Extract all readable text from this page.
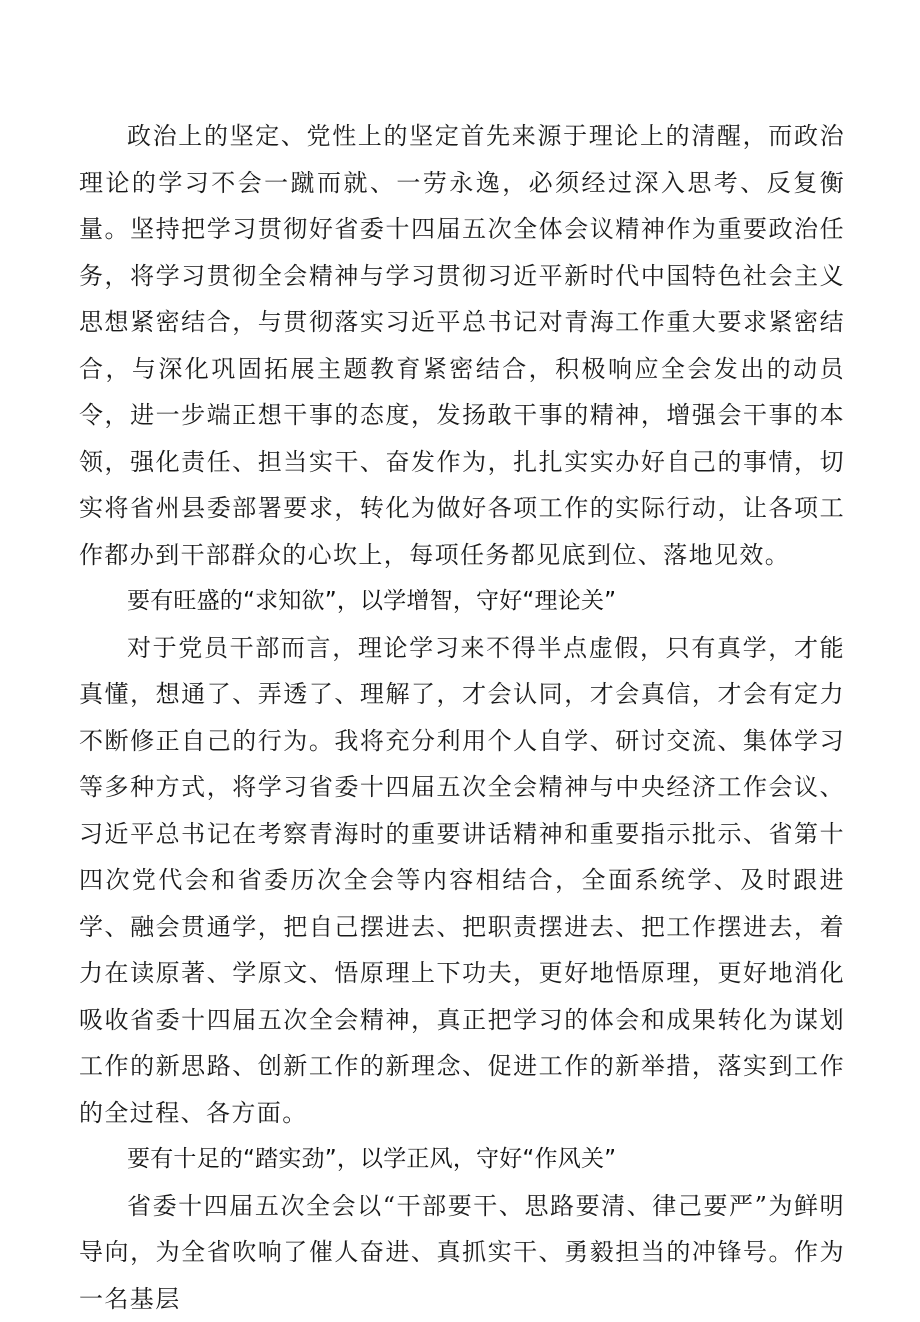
政治上的坚定、党性上的坚定首先来源于理论上的清醒，而政治理论的学习不会一蹴而就、一劳永逸，必须经过深入思考、反复衡量。坚持把学习贯彻好省委十四届五次全体会议精神作为重要政治任务，将学习贯彻全会精神与学习贯彻习近平新时代中国特色社会主义思想紧密结合，与贯彻落实习近平总书记对青海工作重大要求紧密结合，与深化巩固拓展主题教育紧密结合，积极响应全会发出的动员令，进一步端正想干事的态度，发扬敢干事的精神，增强会干事的本领，强化责任、担当实干、奋发作为，扎扎实实办好自己的事情，切实将省州县委部署要求，转化为做好各项工作的实际行动，让各项工作都办到干部群众的心坎上，每项任务都见底到位、落地见效。

要有旺盛的“求知欲”，以学增智，守好“理论关”

对于党员干部而言，理论学习来不得半点虚假，只有真学，才能真懂，想通了、弄透了、理解了，才会认同，才会真信，才会有定力不断修正自己的行为。我将充分利用个人自学、研讨交流、集体学习等多种方式，将学习省委十四届五次全会精神与中央经济工作会议、习近平总书记在考察青海时的重要讲话精神和重要指示批示、省第十四次党代会和省委历次全会等内容相结合，全面系统学、及时跟进学、融会贯通学，把自己摆进去、把职责摆进去、把工作摆进去，着力在读原著、学原文、悟原理上下功夫，更好地悟原理，更好地消化吸收省委十四届五次全会精神，真正把学习的体会和成果转化为谋划工作的新思路、创新工作的新理念、促进工作的新举措，落实到工作的全过程、各方面。

要有十足的“踏实劲”，以学正风，守好“作风关”

省委十四届五次全会以“干部要干、思路要清、律己要严”为鲜明导向，为全省吹响了催人奋进、真抓实干、勇毅担当的冲锋号。作为一名基层
